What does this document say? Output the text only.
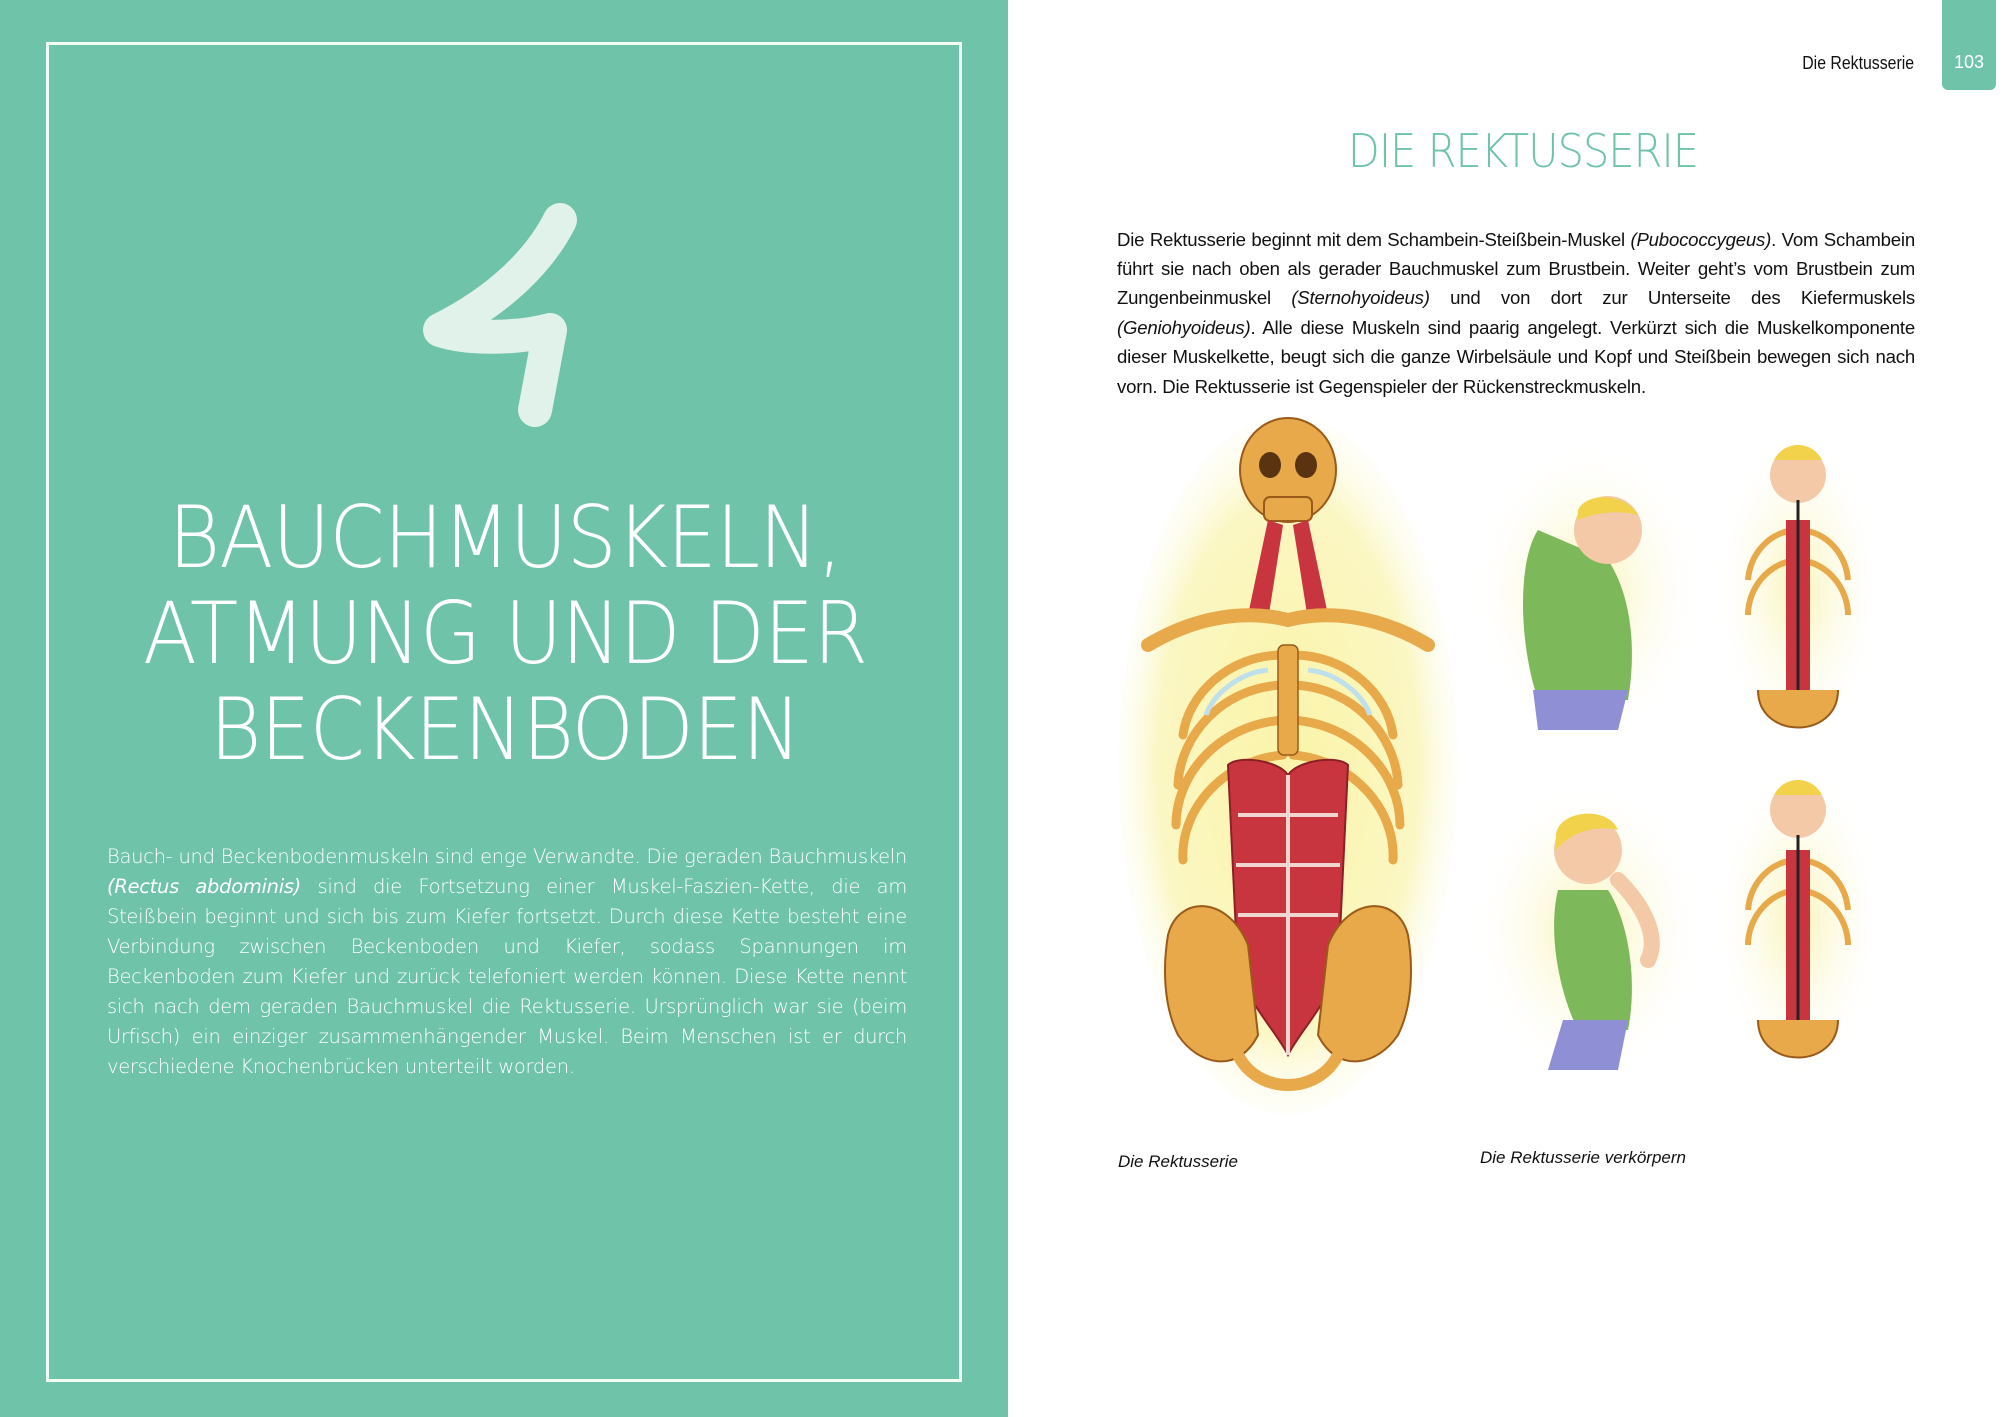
BAUCHMUSKELN,
ATMUNG UND DER
BECKENBODEN

Bauch- und Beckenbodenmuskeln sind enge Verwandte. Die geraden Bauchmuskeln (Rectus abdominis) sind die Fortsetzung einer Muskel-Faszien-Kette, die am Steißbein beginnt und sich bis zum Kiefer fortsetzt. Durch diese Kette besteht eine Verbindung zwischen Beckenboden und Kiefer, sodass Spannungen im Beckenboden zum Kiefer und zurück telefoniert werden können. Diese Kette nennt sich nach dem geraden Bauchmuskel die Rektusserie. Ursprünglich war sie (beim Urfisch) ein einziger zusammenhängender Muskel. Beim Menschen ist er durch verschiedene Knochenbrücken unterteilt worden.

Die Rektusserie	103
DIE REKTUSSERIE

Die Rektusserie beginnt mit dem Schambein-Steißbein-Muskel (Pubococcygeus). Vom Schambein führt sie nach oben als gerader Bauchmuskel zum Brustbein. Weiter geht’s vom Brustbein zum Zungenbeinmuskel (Sternohyoideus) und von dort zur Unterseite des Kiefermuskels (Geniohyoideus). Alle diese Muskeln sind paarig angelegt. Verkürzt sich die Muskelkomponente dieser Muskelkette, beugt sich die ganze Wirbelsäule und Kopf und Steißbein bewegen sich nach vorn. Die Rektusserie ist Gegenspieler der Rückenstreckmuskeln.

Die Rektusserie	Die Rektusserie verkörpern
